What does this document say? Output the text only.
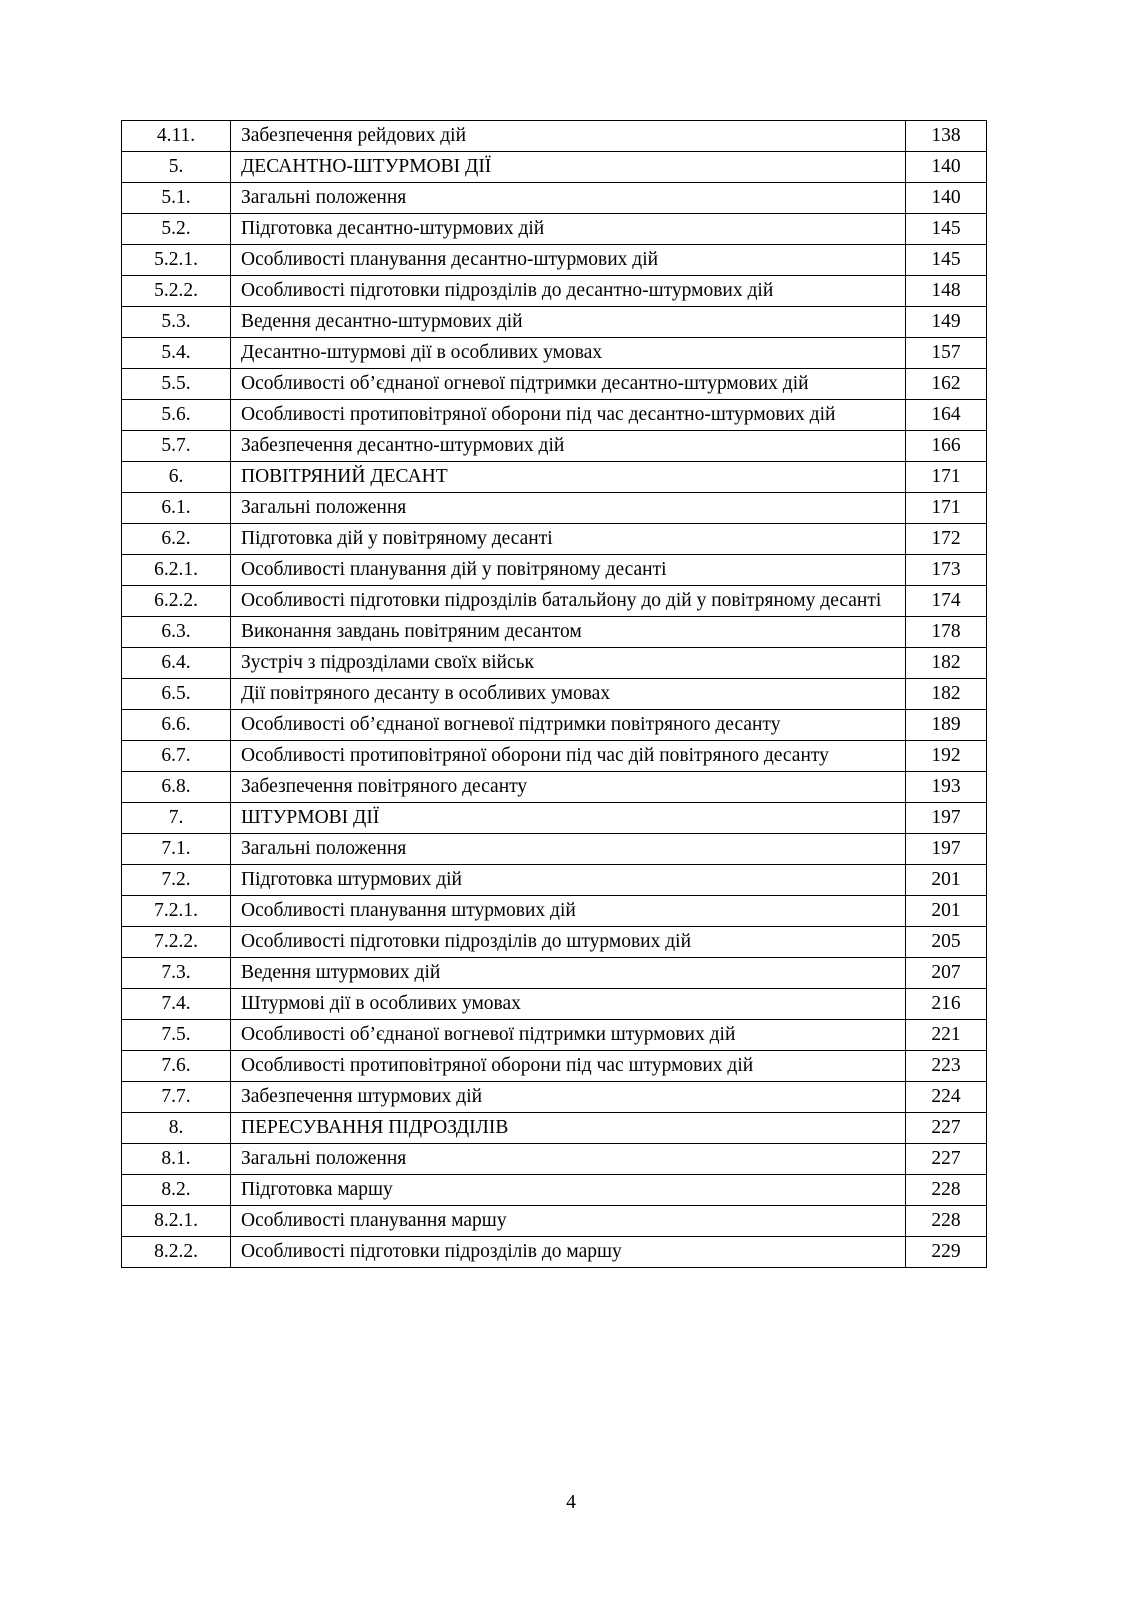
4.11.	Забезпечення рейдових дій	138
5.	ДЕСАНТНО-ШТУРМОВІ ДІЇ	140
5.1.	Загальні положення	140
5.2.	Підготовка десантно-штурмових дій	145
5.2.1.	Особливості планування десантно-штурмових дій	145
5.2.2.	Особливості підготовки підрозділів до десантно-штурмових дій	148
5.3.	Ведення десантно-штурмових дій	149
5.4.	Десантно-штурмові дії в особливих умовах	157
5.5.	Особливості об’єднаної огневої підтримки десантно-штурмових дій	162
5.6.	Особливості протиповітряної оборони під час десантно-штурмових дій	164
5.7.	Забезпечення десантно-штурмових дій	166
6.	ПОВІТРЯНИЙ ДЕСАНТ	171
6.1.	Загальні положення	171
6.2.	Підготовка дій у повітряному десанті	172
6.2.1.	Особливості планування дій у повітряному десанті	173
6.2.2.	Особливості підготовки підрозділів батальйону до дій у повітряному десанті	174
6.3.	Виконання завдань повітряним десантом	178
6.4.	Зустріч з підрозділами своїх військ	182
6.5.	Дії повітряного десанту в особливих умовах	182
6.6.	Особливості об’єднаної вогневої підтримки повітряного десанту	189
6.7.	Особливості протиповітряної оборони під час дій повітряного десанту	192
6.8.	Забезпечення повітряного десанту	193
7.	ШТУРМОВІ ДІЇ	197
7.1.	Загальні положення	197
7.2.	Підготовка штурмових дій	201
7.2.1.	Особливості планування штурмових дій	201
7.2.2.	Особливості підготовки підрозділів до штурмових дій	205
7.3.	Ведення штурмових дій	207
7.4.	Штурмові дії в особливих умовах	216
7.5.	Особливості об’єднаної вогневої підтримки штурмових дій	221
7.6.	Особливості протиповітряної оборони під час штурмових дій	223
7.7.	Забезпечення штурмових дій	224
8.	ПЕРЕСУВАННЯ ПІДРОЗДІЛІВ	227
8.1.	Загальні положення	227
8.2.	Підготовка маршу	228
8.2.1.	Особливості планування маршу	228
8.2.2.	Особливості підготовки підрозділів до маршу	229
4
